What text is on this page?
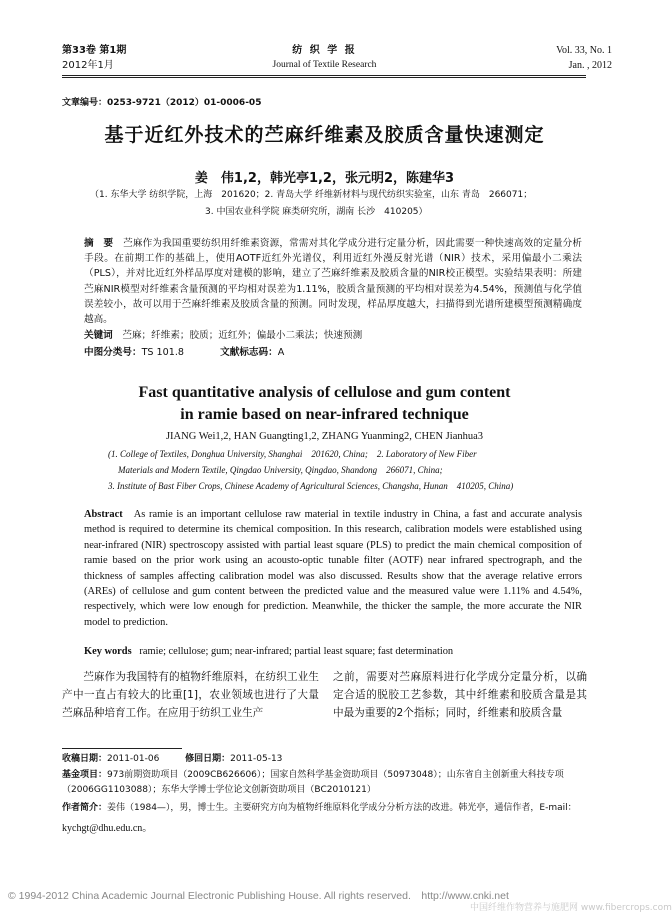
第33卷 第1期
2012年1月
纺 织 学 报
Journal of Textile Research
Vol. 33, No. 1
Jan. , 2012
文章编号：0253-9721（2012）01-0006-05
基于近红外技术的苎麻纤维素及胶质含量快速测定
姜　伟1,2，韩光亭1,2，张元明2，陈建华3
（1. 东华大学 纺织学院，上海　201620；2. 青岛大学 纤维新材料与现代纺织实验室，山东 青岛　266071；
3. 中国农业科学院 麻类研究所，湖南 长沙　410205）
摘　要　 苎麻作为我国重要纺织用纤维素资源，常需对其化学成分进行定量分析，因此需要一种快速高效的定量分析手段。在前期工作的基础上，使用AOTF近红外光谱仪，利用近红外漫反射光谱（NIR）技术，采用偏最小二乘法（PLS），并对比近红外样品厚度对建模的影响，建立了苎麻纤维素及胶质含量的NIR校正模型。实验结果表明：所建苎麻NIR模型对纤维素含量预测的平均相对误差为1.11%，胶质含量预测的平均相对误差为4.54%，预测值与化学值误差较小，故可以用于苎麻纤维素及胶质含量的预测。同时发现，样品厚度越大，扫描得到光谱所建模型预测精确度越高。
关键词　 苎麻；纤维素；胶质；近红外；偏最小二乘法；快速预测
中图分类号：TS 101.8	文献标志码：A
Fast quantitative analysis of cellulose and gum content
in ramie based on near-infrared technique
JIANG Wei1,2, HAN Guangting1,2, ZHANG Yuanming2, CHEN Jianhua3
(1. College of Textiles, Donghua University, Shanghai　201620, China;　2. Laboratory of New Fiber
Materials and Modern Textile, Qingdao University, Qingdao, Shandong　266071, China;
3. Institute of Bast Fiber Crops, Chinese Academy of Agricultural Sciences, Changsha, Hunan　410205, China)
Abstract As ramie is an important cellulose raw material in textile industry in China, a fast and accurate analysis method is required to determine its chemical composition. In this research, calibration models were established using near-infrared (NIR) spectroscopy assisted with partial least square (PLS) to predict the main chemical composition of ramie based on the prior work using an acousto-optic tunable filter (AOTF) near infrared spectrograph, and the thickness of samples affecting calibration model was also discussed. Results show that the average relative errors (AREs) of cellulose and gum content between the predicted value and the measured value were 1.11% and 4.54%, respectively, which were low enough for prediction. Meanwhile, the thicker the sample, the more accurate the NIR model to prediction.
Key words ramie; cellulose; gum; near-infrared; partial least square; fast determination
苎麻作为我国特有的植物纤维原料，在纺织工业生产中一直占有较大的比重[1]，农业领域也进行了大量苎麻品种培育工作。在应用于纺织工业生产
之前，需要对苎麻原料进行化学成分定量分析，以确定合适的脱胶工艺参数，其中纤维素和胶质含量是其中最为重要的2个指标；同时，纤维素和胶质含量
收稿日期：2011-01-06	修回日期：2011-05-13
基金项目：973前期资助项目（2009CB626606）；国家自然科学基金资助项目（50973048）；山东省自主创新重大科技专项（2006GG1103088）；东华大学博士学位论文创新资助项目（BC2010121）
作者简介：姜伟（1984—），男，博士生。主要研究方向为植物纤维原料化学成分分析方法的改进。韩光亭，通信作者，E-mail：
kychgt@dhu.edu.cn。
© 1994-2012 China Academic Journal Electronic Publishing House. All rights reserved.　http://www.cnki.net
中国纤维作物营养与施肥网 www.fibercrops.com
